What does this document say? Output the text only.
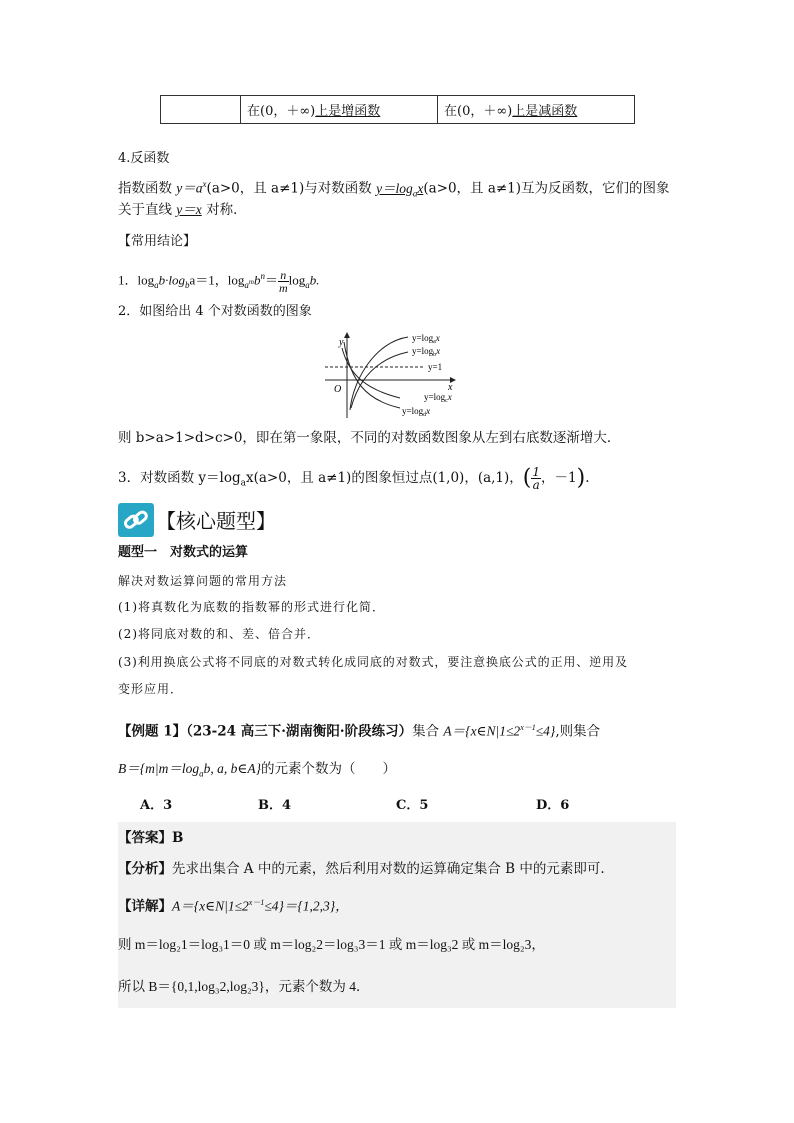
	在(0，＋∞)上是增函数	在(0，＋∞)上是减函数
4.反函数
指数函数 $y=a^x(a>0$，且 a≠1)与对数函数 $y=\log_ax(a>0$，且 a≠1)互为反函数，它们的图象
关于直线 y＝x 对称．
【常用结论】
1．$\log_ab\cdot\log_ba=1$，$\log_{a^m}b^n= \frac{n}{m} \log_ab$.
2．如图给出 4 个对数函数的图象
y
x
O
$y=\log_ax$
$y=\log_bx$
y=1
$y=\log_cx$
$y=\log_dx$
则 b>a>1>d>c>0，即在第一象限，不同的对数函数图象从左到右底数逐渐增大．
3．对数函数 $y=\log_ax(a>0$，且 a≠1)的图象恒过点(1,0)，(a,1)，( $\frac{1}{a}$ ，－1).
【核心题型】
题型一　对数式的运算
解决对数运算问题的常用方法
(1)将真数化为底数的指数幂的形式进行化简．
(2)将同底对数的和、差、倍合并．
(3)利用换底公式将不同底的对数式转化成同底的对数式，要注意换底公式的正用、逆用及
变形应用．
【例题 1】（23-24 高三下·湖南衡阳·阶段练习）集合 $A=\{x\in N|1\le 2^{x-1}\le 4\}$,则集合
$B=\{m|m=\log_ab$, a, b∈A}的元素个数为（　　）
A．3	B．4	C．5	D．6
【答案】B
【分析】先求出集合 A 中的元素，然后利用对数的运算确定集合 B 中的元素即可.
【详解】$A=\{x\in N|1\le 2^{x-1}\le 4\}=\{1,2,3\}$，
则 m＝log₂1＝log₃1＝0 或 m＝log₂2＝log₃3＝1 或 m＝log₃2 或 m＝log₂3，
所以 B＝{0,1,log₃2,log₂3}，元素个数为 4．
